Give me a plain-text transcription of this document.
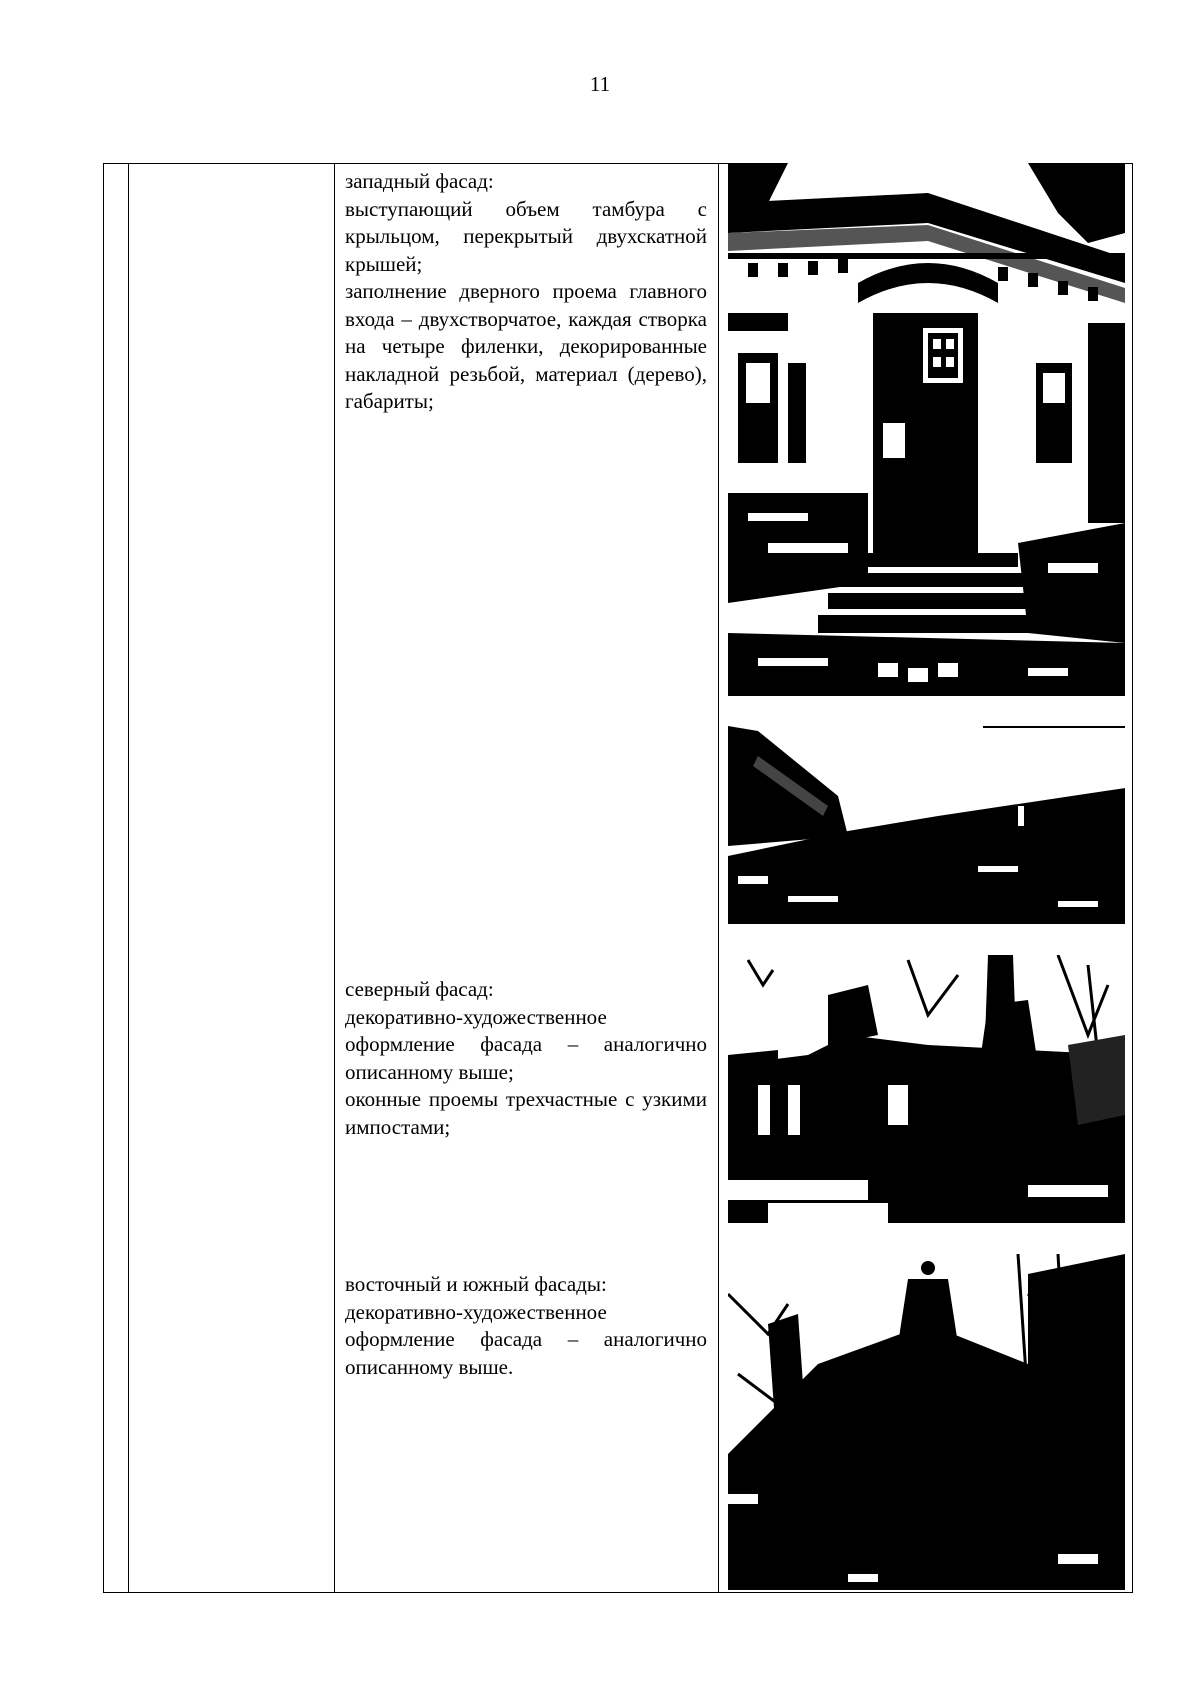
11

западный фасад:

выступающий объем тамбура с крыльцом, перекрытый двухскатной крышей;

заполнение дверного проема главного входа – двухстворчатое, каждая створка на четыре филенки, декорированные накладной резьбой, материал (дерево), габариты;

северный фасад:

декоративно-художественное оформление фасада – аналогично описанному выше;

оконные проемы трехчастные с узкими импостами;

восточный и южный фасады:

декоративно-художественное оформление фасада – аналогично описанному выше.
